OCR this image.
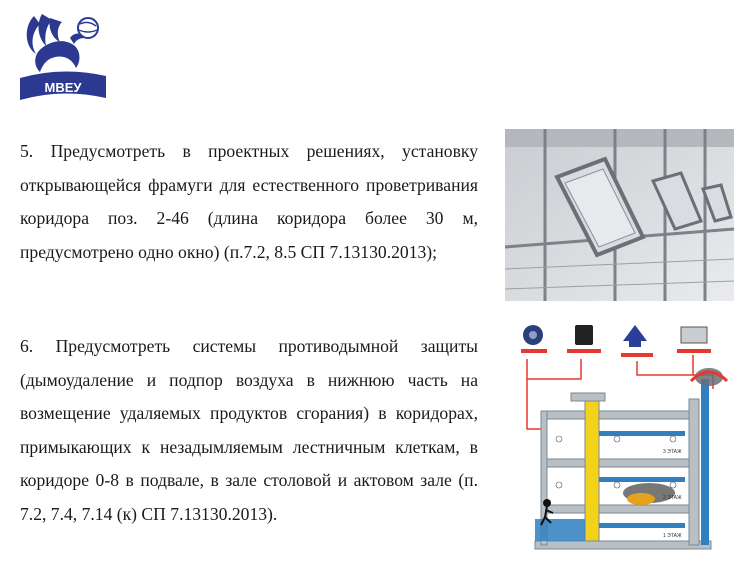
МВЕУ

5. Предусмотреть в проектных решениях, установку открывающейся фрамуги для естественного проветривания коридора поз. 2-46 (длина коридора более 30 м, предусмотрено одно окно) (п.7.2, 8.5 СП 7.13130.2013);

6. Предусмотреть системы противодымной защиты (дымоудаление и подпор воздуха в нижнюю часть на возмещение удаляемых продуктов сгорания) в коридорах, примыкающих к незадымляемым лестничным клеткам, в коридоре 0-8 в подвале, в зале столовой и актовом зале (п. 7.2, 7.4, 7.14 (к) СП 7.13130.2013).

3 ЭТАЖ
2 ЭТАЖ
1 ЭТАЖ
